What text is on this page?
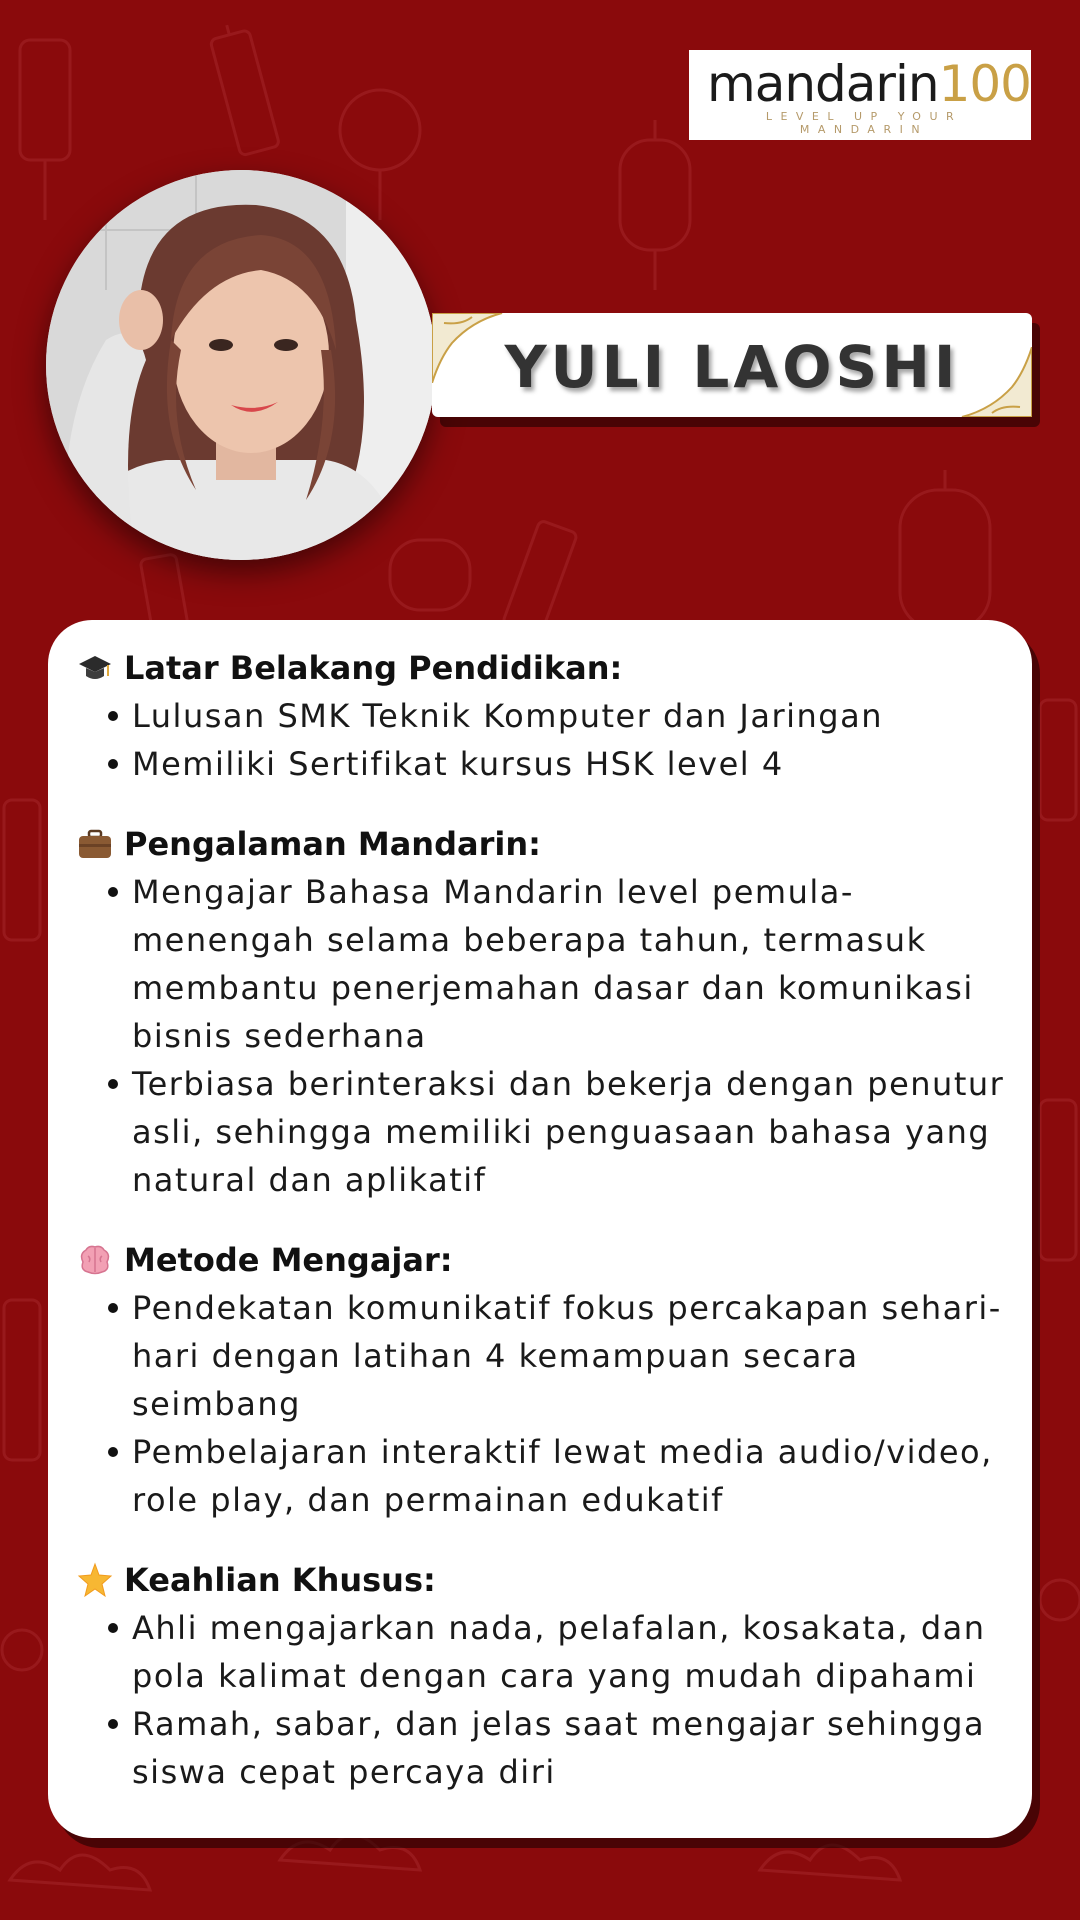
mandarin100
LEVEL UP YOUR MANDARIN
YULI LAOSHI
Latar Belakang Pendidikan:
Lulusan SMK Teknik Komputer dan Jaringan
Memiliki Sertifikat kursus HSK level 4
Pengalaman Mandarin:
Mengajar Bahasa Mandarin level pemula-menengah selama beberapa tahun, termasuk membantu penerjemahan dasar dan komunikasi bisnis sederhana
Terbiasa berinteraksi dan bekerja dengan penutur asli, sehingga memiliki penguasaan bahasa yang natural dan aplikatif
Metode Mengajar:
Pendekatan komunikatif fokus percakapan sehari-hari dengan latihan 4 kemampuan secara seimbang
Pembelajaran interaktif lewat media audio/video, role play, dan permainan edukatif
Keahlian Khusus:
Ahli mengajarkan nada, pelafalan, kosakata, dan pola kalimat dengan cara yang mudah dipahami
Ramah, sabar, dan jelas saat mengajar sehingga siswa cepat percaya diri
